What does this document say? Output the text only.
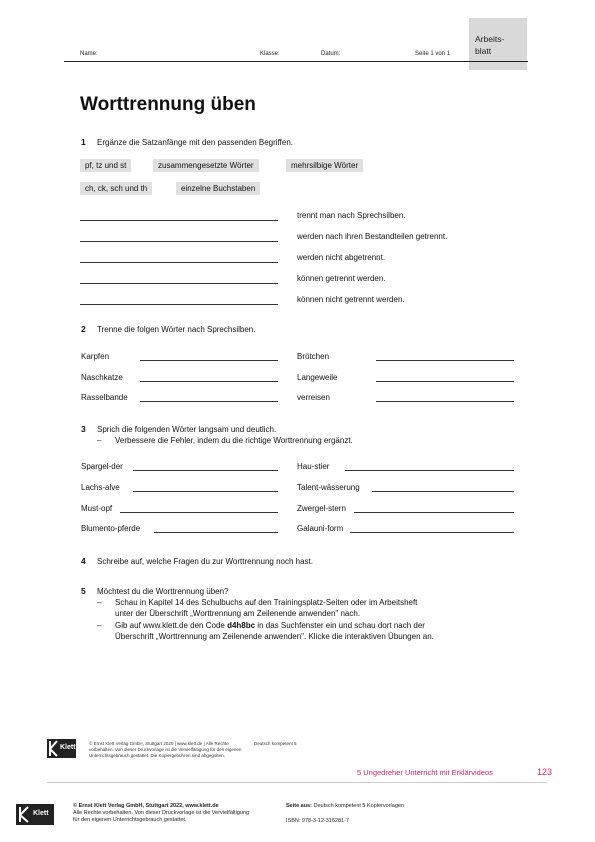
Arbeits-
blatt
Name:	Klasse:	Datum:	Seite 1 von 1
Worttrennung üben
1 Ergänze die Satzanfänge mit den passenden Begriffen.
pf, tz und st	zusammengesetzte Wörter	mehrsilbige Wörter
ch, ck, sch und th	einzelne Buchstaben
trennt man nach Sprechsilben.
werden nach ihren Bestandteilen getrennt.
werden nicht abgetrennt.
können getrennt werden.
können nicht getrennt werden.
2 Trenne die folgen Wörter nach Sprechsilben.
Karpfen	Brötchen
Naschkatze	Langeweile
Rasselbande	verreisen
3 Sprich die folgenden Wörter langsam und deutlich.
– Verbessere die Fehler, indem du die richtige Worttrennung ergänzt.
Spargel-der	Hau-stier
Lachs-alve	Talent-wässerung
Must-opf	Zwergel-stern
Blumento-pferde	Galauni-form
4 Schreibe auf, welche Fragen du zur Worttrennung noch hast.
5 Möchtest du die Worttrennung üben?
– Schau in Kapitel 14 des Schulbuchs auf den Trainingsplatz-Seiten oder im Arbeitsheft
unter der Überschrift „Worttrennung am Zeilenende anwenden" nach.
– Gib auf www.klett.de den Code d4h8bc in das Suchfenster ein und schau dort nach der
Überschrift „Worttrennung am Zeilenende anwenden". Klicke die interaktiven Übungen an.
Klett
© Ernst Klett Verlag GmbH, Stuttgart 2020 | www.klett.de | Alle Rechte
vorbehalten. Von dieser Druckvorlage ist die Vervielfältigung für den eigenen
Unterrichtsgebrauch gestattet. Die Kopiergebühren sind abgegolten.
Deutsch kompetent 5
5 Ungedreher Unterricht mit Erklärvideos	123
Klett
© Ernst Klett Verlag GmbH, Stuttgart 2022, www.klett.de
Alle Rechte vorbehalten. Von dieser Druckvorlage ist die Vervielfältigung
für den eigenen Unterrichtsgebrauch gestattet.
Seite aus: Deutsch kompetent 5 Kopiervorlagen
ISBN: 978-3-12-316281-7
